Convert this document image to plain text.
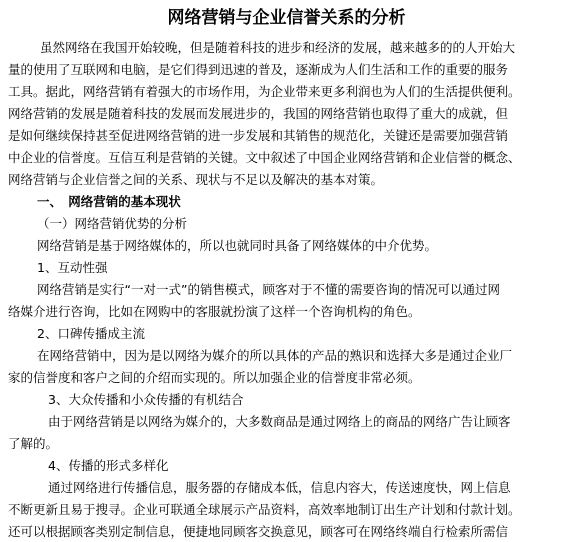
网络营销与企业信誉关系的分析
虽然网络在我国开始较晚，但是随着科技的进步和经济的发展，越来越多的的人开始大
量的使用了互联网和电脑，是它们得到迅速的普及，逐渐成为人们生活和工作的重要的服务
工具。据此，网络营销有着强大的市场作用，为企业带来更多利润也为人们的生活提供便利。
网络营销的发展是随着科技的发展而发展进步的，我国的网络营销也取得了重大的成就，但
是如何继续保持甚至促进网络营销的进一步发展和其销售的规范化，关键还是需要加强营销
中企业的信誉度。互信互利是营销的关键。文中叙述了中国企业网络营销和企业信誉的概念、
网络营销与企业信誉之间的关系、现状与不足以及解决的基本对策。
一、　网络营销的基本现状
（一）网络营销优势的分析
网络营销是基于网络媒体的，所以也就同时具备了网络媒体的中介优势。
1、互动性强
网络营销是实行“一对一式”的销售模式，顾客对于不懂的需要咨询的情况可以通过网
络媒介进行咨询，比如在网购中的客服就扮演了这样一个咨询机构的角色。
2、口碑传播成主流
在网络营销中，因为是以网络为媒介的所以具体的产品的熟识和选择大多是通过企业厂
家的信誉度和客户之间的介绍而实现的。所以加强企业的信誉度非常必须。
3、大众传播和小众传播的有机结合
由于网络营销是以网络为媒介的，大多数商品是通过网络上的商品的网络广告让顾客
了解的。
4、传播的形式多样化
通过网络进行传播信息，服务器的存储成本低，信息内容大，传送速度快，网上信息
不断更新且易于搜寻。企业可联通全球展示产品资料，高效率地制订出生产计划和付款计划。
还可以根据顾客类别定制信息，便捷地同顾客交换意见，顾客可在网络终端自行检索所需信
